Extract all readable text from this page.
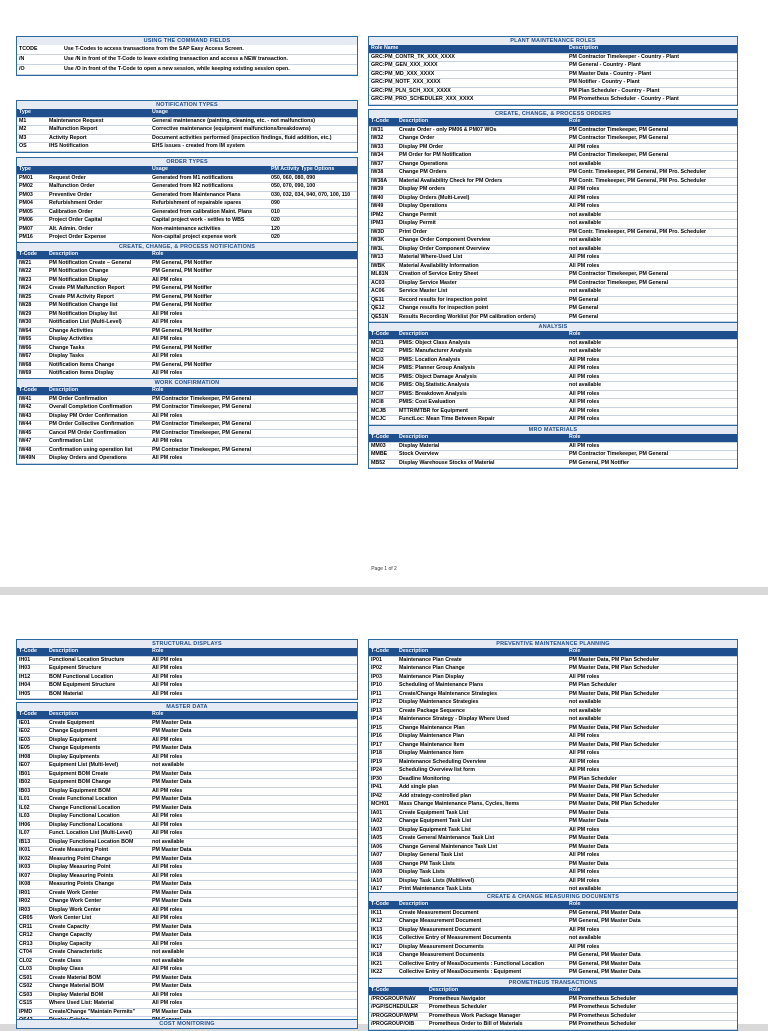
USING THE COMMAND FIELDS
TCODE	Use T-Codes to access transactions from the SAP Easy Access Screen.
/N	Use /N in front of the T-Code to leave existing transaction and access a NEW transaction.
/O	Use /O in front of the T-Code to open a new session, while keeping existing session open.
NOTIFICATION TYPES
Type		Usage
M1	Maintenance Request	General maintenance (painting, cleaning, etc. - not malfunctions)
M2	Malfunction Report	Corrective maintenance (equipment malfunctions/breakdowns)
M3	Activity Report	Document activities performed (inspection findings, fluid addition, etc.)
OS	IHS Notification	EHS issues - created from IM system
ORDER TYPES
Type		Usage	PM Activity Type Options
PM01	Request Order	Generated from M1 notifications	050, 060, 080, 090
PM02	Malfunction Order	Generated from M2 notifications	050, 070, 090, 100
PM03	Preventive Order	Generated from Maintenance Plans	030, 032, 034, 040, 070, 100, 110
PM04	Refurbishment Order	Refurbishment of repairable spares	090
PM05	Calibration Order	Generated from calibration Maint. Plans	010
PM06	Project Order Capital	Capital project work - settles to WBS	020
PM07	Alt. Admin. Order	Non-maintenance activities	120
PM16	Project Order Expense	Non-capital project expense work	020
CREATE, CHANGE, & PROCESS NOTIFICATIONS
T-Code	Description	Role
IW21	PM Notification Create – General	PM General, PM Notifier
IW22	PM Notification Change	PM General, PM Notifier
IW23	PM Notification Display	All PM roles
IW24	Create PM Malfunction Report	PM General, PM Notifier
IW25	Create PM Activity Report	PM General, PM Notifier
IW28	PM Notification Change list	PM General, PM Notifier
IW29	PM Notification Display list	All PM roles
IW30	Notification List (Multi-Level)	All PM roles
IW64	Change Activities	PM General, PM Notifier
IW65	Display Activities	All PM roles
IW66	Change Tasks	PM General, PM Notifier
IW67	Display Tasks	All PM roles
IW68	Notification Items Change	PM General, PM Notifier
IW69	Notification Items Display	All PM roles
WORK CONFIRMATION
T-Code	Description	Role
IW41	PM Order Confirmation	PM Contractor Timekeeper, PM General
IW42	Overall Completion Confirmation	PM Contractor Timekeeper, PM General
IW43	Display PM Order Confirmation	All PM roles
IW44	PM Order Collective Confirmation	PM Contractor Timekeeper, PM General
IW45	Cancel PM Order Confirmation	PM Contractor Timekeeper, PM General
IW47	Confirmation List	All PM roles
IW48	Confirmation using operation list	PM Contractor Timekeeper, PM General
IW49N	Display Orders and Operations	All PM roles
PLANT MAINTENANCE ROLES
Role Name	Description
GRC:PM_CONTR_TK_XXX_XXXX	PM Contractor Timekeeper - Country - Plant
GRC:PM_GEN_XXX_XXXX	PM General - Country - Plant
GRC:PM_MD_XXX_XXXX	PM Master Data - Country - Plant
GRC:PM_NOTF_XXX_XXXX	PM Notifier - Country - Plant
GRC:PM_PLN_SCH_XXX_XXXX	PM Plan Scheduler - Country - Plant
GRC:PM_PRO_SCHEDULER_XXX_XXXX	PM Prometheus Scheduler - Country - Plant
CREATE, CHANGE, & PROCESS ORDERS
T-Code	Description	Role
IW31	Create Order - only PM06 & PM07 WOs	PM Contractor Timekeeper, PM General
IW32	Change Order	PM Contractor Timekeeper, PM General
IW33	Display PM Order	All PM roles
IW34	PM Order for PM Notification	PM Contractor Timekeeper, PM General
IW37	Change Operations	not available
IW38	Change PM Orders	PM Contr. Timekeeper, PM General, PM Pro. Scheduler
IW38A	Material Availability Check for PM Orders	PM Contr. Timekeeper, PM General, PM Pro. Scheduler
IW39	Display PM orders	All PM roles
IW40	Display Orders (Multi-Level)	All PM roles
IW49	Display Operations	All PM roles
IPM2	Change Permit	not available
IPM3	Display Permit	not available
IW3D	Print Order	PM Contr. Timekeeper, PM General, PM Pro. Scheduler
IW3K	Change Order Component Overview	not available
IW3L	Display Order Component Overview	not available
IW13	Material Where-Used List	All PM roles
IWBK	Material Availability Information	All PM roles
ML81N	Creation of Service Entry Sheet	PM Contractor Timekeeper, PM General
AC03	Display Service Master	PM Contractor Timekeeper, PM General
AC06	Service Master List	not available
QE11	Record results for inspection point	PM General
QE12	Change results for inspection point	PM General
QE51N	Results Recording Worklist (for PM calibration orders)	PM General

ANALYSIS
T-Code	Description	Role
MCI1	PMIS: Object Class Analysis	not available
MCI2	PMIS: Manufacturer Analysis	not available
MCI3	PMIS: Location Analysis	All PM roles
MCI4	PMIS: Planner Group Analysis	All PM roles
MCI5	PMIS: Object Damage Analysis	All PM roles
MCI6	PMIS: Obj.Statistic.Analysis	not available
MCI7	PMIS: Breakdown Analysis	All PM roles
MCI8	PMIS: Cost Evaluation	All PM roles
MCJB	MTTR/MTBR for Equipment	All PM roles
MCJC	FunctLoc: Mean Time Between Repair	All PM roles
MRO MATERIALS
T-Code	Description	Role
MM03	Display Material	All PM roles
MMBE	Stock Overview	PM Contractor Timekeeper, PM General
MB52	Display Warehouse Stocks of Material	PM General, PM Notifier
Page 1 of 2
STRUCTURAL DISPLAYS
T-Code	Description	Role
IH01	Functional Location Structure	All PM roles
IH03	Equipment Structure	All PM roles
IH12	BOM Functional Location	All PM roles
IH04	BOM Equipment Structure	All PM roles
IH05	BOM Material	All PM roles
MASTER DATA
T-Code	Description	Role
IE01	Create Equipment	PM Master Data
IE02	Change Equipment	PM Master Data
IE03	Display Equipment	All PM roles
IE05	Change Equipments	PM Master Data
IH08	Display Equipments	All PM roles
IE07	Equipment List (Multi-level)	not available
IB01	Equipment BOM Create	PM Master Data
IB02	Equipment BOM Change	PM Master Data
IB03	Display Equipment BOM	All PM roles
IL01	Create Functional Location	PM Master Data
IL02	Change Functional Location	PM Master Data
IL03	Display Functional Location	All PM roles
IH06	Display Functional Locations	All PM roles
IL07	Funct. Location List (Multi-Level)	All PM roles
IB13	Display Functional Location BOM	not available
IK01	Create Measuring Point	PM Master Data
IK02	Measuring Point Change	PM Master Data
IK03	Display Measuring Point	All PM roles
IK07	Display Measuring Points	All PM roles
IK08	Measuring Points Change	PM Master Data
IR01	Create Work Center	PM Master Data
IR02	Change Work Center	PM Master Data
IR03	Display Work Center	All PM roles
CR05	Work Center List	All PM roles
CR11	Create Capacity	PM Master Data
CR12	Change Capacity	PM Master Data
CR13	Display Capacity	All PM roles
CT04	Create Characteristic	not available
CL02	Create Class	not available
CL03	Display Class	All PM roles
CS01	Create Material BOM	PM Master Data
CS02	Change Material BOM	PM Master Data
CS03	Display Material BOM	All PM roles
CS15	Where Used List: Material	All PM roles
IPMD	Create/Change "Maintain Permits"	PM Master Data

COST MONITORING
PREVENTIVE MAINTENANCE PLANNING
T-Code	Description	Role
IP01	Maintenance Plan Create	PM Master Data, PM Plan Scheduler
IP02	Maintenance Plan Change	PM Master Data, PM Plan Scheduler
IP03	Maintenance Plan Display	All PM roles
IP10	Scheduling of Maintenance Plans	PM Plan Scheduler
IP11	Create/Change Maintenance Strategies	PM Master Data, PM Plan Scheduler
IP12	Display Maintenance Strategies	not available
IP13	Create Package Sequence	not available
IP14	Maintenance Strategy - Display Where Used	not available
IP15	Change Maintenance Plan	PM Master Data, PM Plan Scheduler
IP16	Display Maintenance Plan	All PM roles
IP17	Change Maintenance Item	PM Master Data, PM Plan Scheduler
IP18	Display Maintenance Item	All PM roles
IP19	Maintenance Scheduling Overview	All PM roles
IP24	Scheduling Overview list form	All PM roles
IP30	Deadline Monitoring	PM Plan Scheduler
IP41	Add single plan	PM Master Data, PM Plan Scheduler
IP42	Add strategy-controlled plan	PM Master Data, PM Plan Scheduler
MCH01	Mass Change Maintenance Plans, Cycles, Items	PM Master Data, PM Plan Scheduler
IA01	Create Equipment Task List	PM Master Data
IA02	Change Equipment Task List	PM Master Data
IA03	Display Equipment Task List	All PM roles
IA05	Create General Maintenance Task List	PM Master Data
IA06	Change General Maintenance Task List	PM Master Data
IA07	Display General Task List	All PM roles
IA08	Change PM Task Lists	PM Master Data
IA09	Display Task Lists	All PM roles
IA10	Display Task Lists (Multilevel)	All PM roles
IA17	Print Maintenance Task Lists	not available
CREATE & CHANGE MEASURING DOCUMENTS
T-Code	Description	Role
IK11	Create Measurement Document	PM General, PM Master Data
IK12	Change Measurement Document	PM General, PM Master Data
IK13	Display Measurement Document	All PM roles
IK16	Collective Entry of Measurement Documents	not available
IK17	Display Measurement Documents	All PM roles
IK18	Change Measurement Documents	PM General, PM Master Data
IK21	Collective Entry of MeasDocuments : Functional Location	PM General, PM Master Data
IK22	Collective Entry of MeasDocuments : Equipment	PM General, PM Master Data
PROMETHEUS TRANSACTIONS
T-Code	Description	Role
/PROGROUP/NAV	Prometheus Navigator	PM Prometheus Scheduler
/PGP/SCHEDULER	Prometheus Scheduler	PM Prometheus Scheduler
/PROGROUP/WPM	Prometheus Work Package Manager	PM Prometheus Scheduler
/PROGROUP/OIB	Prometheus Order to Bill of Materials	PM Prometheus Scheduler
